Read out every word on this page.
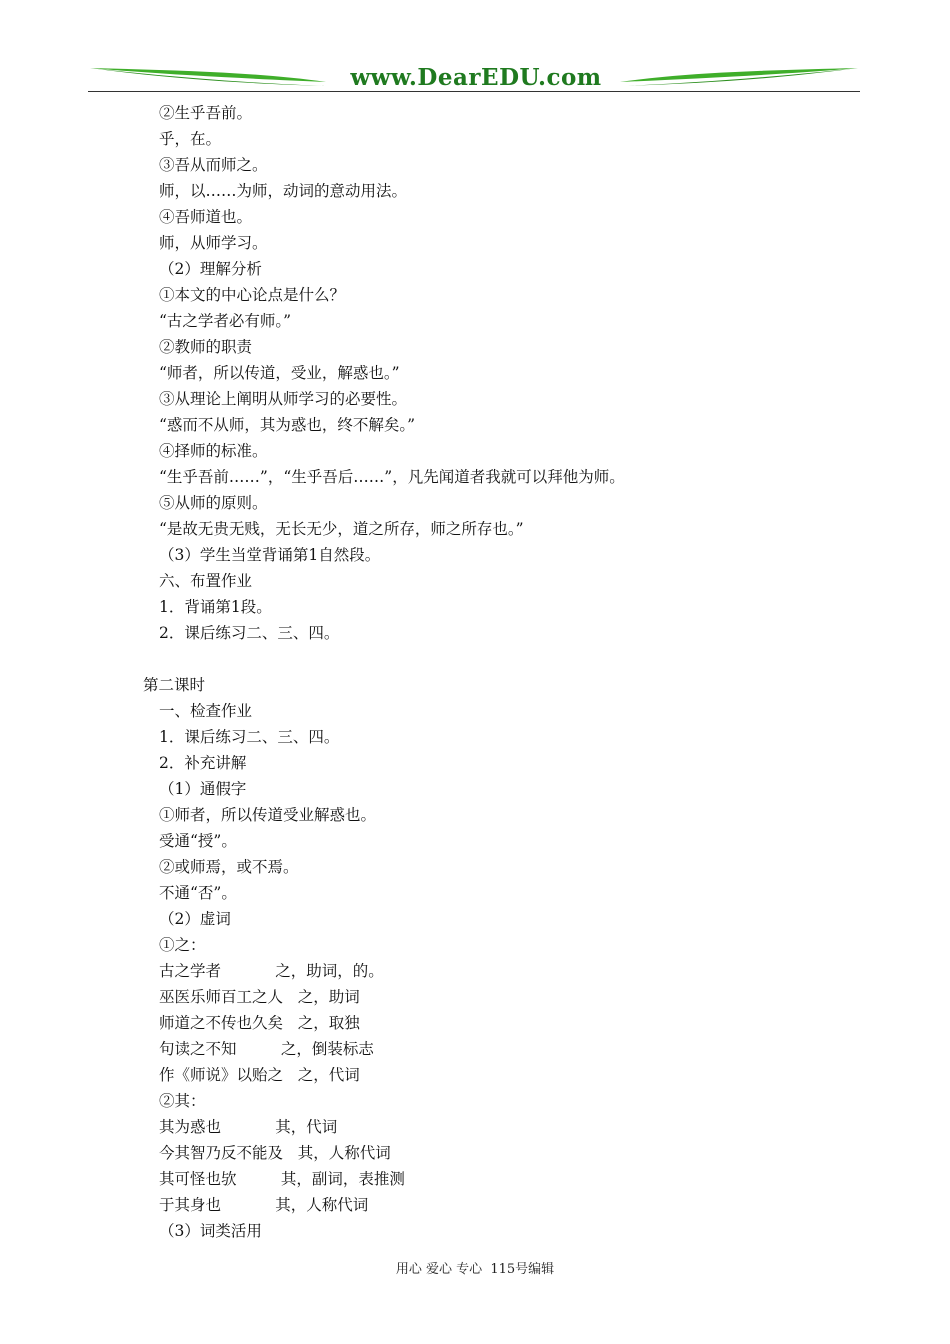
www.DearEDU.com
②生乎吾前。
乎，在。
③吾从而师之。
师，以……为师，动词的意动用法。
④吾师道也。
师，从师学习。
（2）理解分析
①本文的中心论点是什么？
“古之学者必有师。”
②教师的职责
“师者，所以传道，受业，解惑也。”
③从理论上阐明从师学习的必要性。
“惑而不从师，其为惑也，终不解矣。”
④择师的标准。
“生乎吾前……”，“生乎吾后……”，凡先闻道者我就可以拜他为师。
⑤从师的原则。
“是故无贵无贱，无长无少，道之所存，师之所存也。”
（3）学生当堂背诵第1自然段。
六、布置作业
1．背诵第1段。
2．课后练习二、三、四。
第二课时
一、检查作业
1．课后练习二、三、四。
2．补充讲解
（1）通假字
①师者，所以传道受业解惑也。
受通“授”。
②或师焉，或不焉。
不通“否”。
（2）虚词
①之：
古之学者           之，助词，的。
巫医乐师百工之人   之，助词
师道之不传也久矣   之，取独
句读之不知         之，倒装标志
作《师说》以贻之   之，代词
②其：
其为惑也           其，代词
今其智乃反不能及   其，人称代词
其可怪也欤         其，副词，表推测
于其身也           其，人称代词
（3）词类活用
用心 爱心 专心  115号编辑
